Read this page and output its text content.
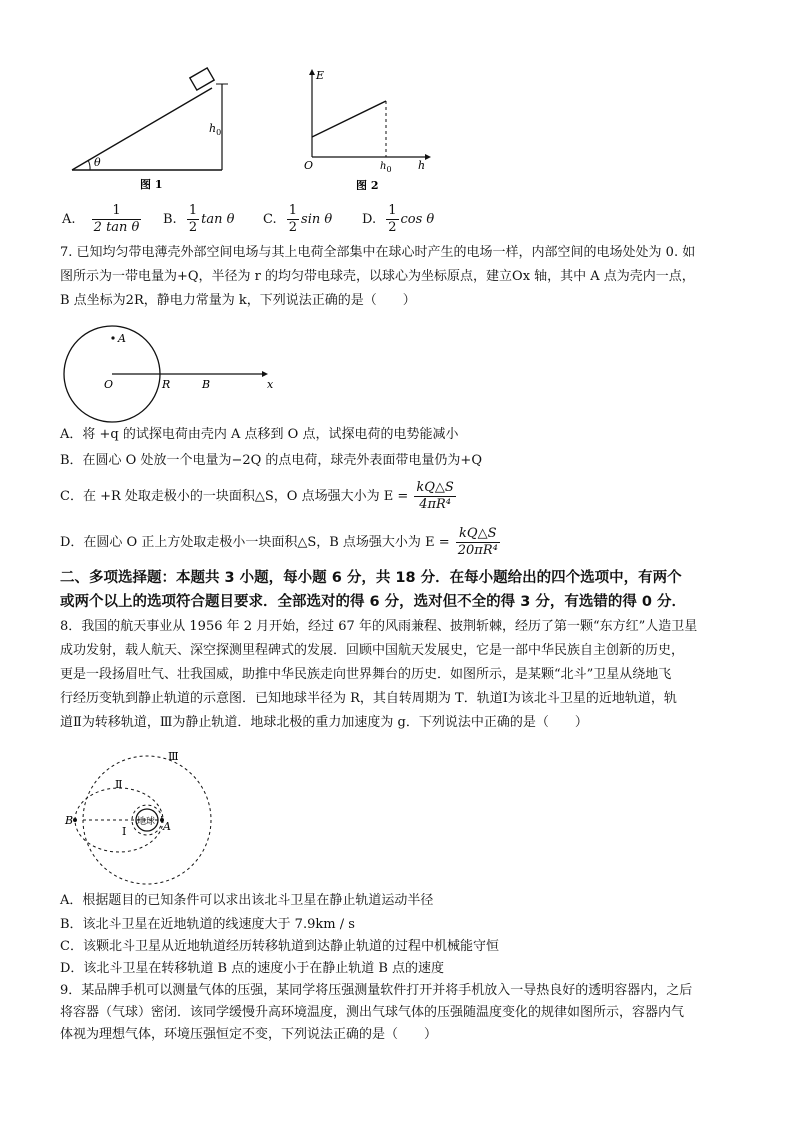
θ
$h_0$
图 1
E
O	h
$h_0$
图 2
A. $\frac{1}{\text{2 tan θ}} B$. $\frac{1}{2}$ tan θ C. $\frac{1}{2}$ sin θ D. $\frac{1}{2}$ cos θ
7. 已知均匀带电薄壳外部空间电场与其上电荷全部集中在球心时产生的电场一样，内部空间的电场处处为 0. 如
图所示为一带电量为+Q，半径为 r 的均匀带电球壳，以球心为坐标原点，建立Ox 轴，其中 A 点为壳内一点，
B 点坐标为2R，静电力常量为 k，下列说法正确的是（　　）
A
O	R	B	x
A．将 +q 的试探电荷由壳内 A 点移到 O 点，试探电荷的电势能减小
B．在圆心 O 处放一个电量为−2Q 的点电荷，球壳外表面带电量仍为+Q
C．在 +R 处取走极小的一块面积△S，O 点场强大小为 $E = \frac{kQ\triangle S}{\text{4πR⁴}}$
D．在圆心 O 正上方处取走极小一块面积△S，B 点场强大小为 $E = \frac{kQ\triangle S}{\text{20πR⁴}}$
二、多项选择题：本题共 3 小题，每小题 6 分，共 18 分．在每小题给出的四个选项中，有两个
或两个以上的选项符合题目要求．全部选对的得 6 分，选对但不全的得 3 分，有选错的得 0 分．
8．我国的航天事业从 1956 年 2 月开始，经过 67 年的风雨兼程、披荆斩棘，经历了第一颗“东方红”人造卫星
成功发射，载人航天、深空探测里程碑式的发展．回顾中国航天发展史，它是一部中华民族自主创新的历史，
更是一段扬眉吐气、壮我国威，助推中华民族走向世界舞台的历史．如图所示，是某颗“北斗”卫星从绕地飞
行经历变轨到静止轨道的示意图．已知地球半径为 R，其自转周期为 T．轨道Ⅰ为该北斗卫星的近地轨道，轨
道Ⅱ为转移轨道，Ⅲ为静止轨道．地球北极的重力加速度为 g．下列说法中正确的是（　　）
地球
Ⅲ
Ⅱ
Ⅰ
B	A
A．根据题目的已知条件可以求出该北斗卫星在静止轨道运动半径
B．该北斗卫星在近地轨道的线速度大于 7.9km / s
C．该颗北斗卫星从近地轨道经历转移轨道到达静止轨道的过程中机械能守恒
D．该北斗卫星在转移轨道 B 点的速度小于在静止轨道 B 点的速度
9．某品牌手机可以测量气体的压强，某同学将压强测量软件打开并将手机放入一导热良好的透明容器内，之后
将容器（气球）密闭．该同学缓慢升高环境温度，测出气球气体的压强随温度变化的规律如图所示，容器内气
体视为理想气体，环境压强恒定不变，下列说法正确的是（　　）
